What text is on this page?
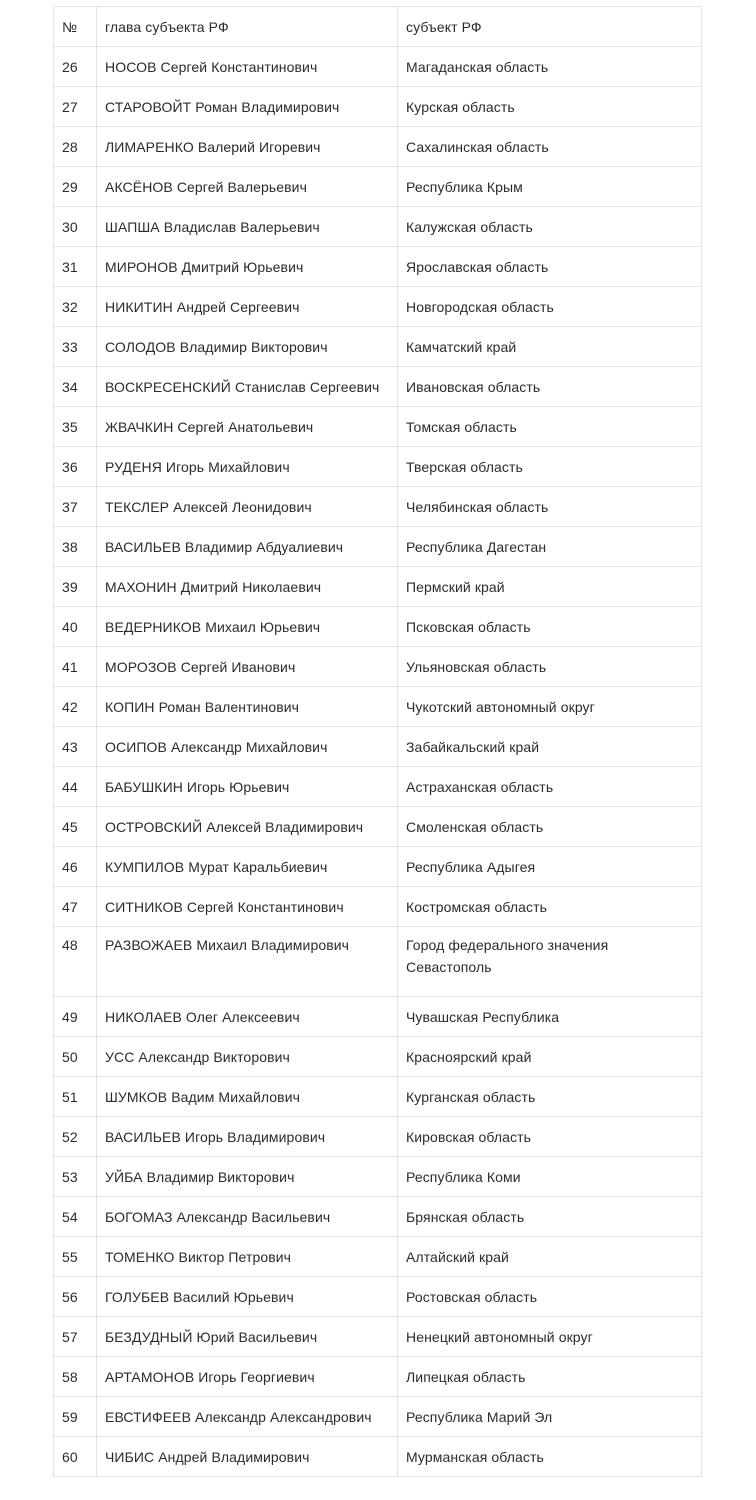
№	глава субъекта РФ	субъект РФ
26	НОСОВ Сергей Константинович	Магаданская область
27	СТАРОВОЙТ Роман Владимирович	Курская область
28	ЛИМАРЕНКО Валерий Игоревич	Сахалинская область
29	АКСЁНОВ Сергей Валерьевич	Республика Крым
30	ШАПША Владислав Валерьевич	Калужская область
31	МИРОНОВ Дмитрий Юрьевич	Ярославская область
32	НИКИТИН Андрей Сергеевич	Новгородская область
33	СОЛОДОВ Владимир Викторович	Камчатский край
34	ВОСКРЕСЕНСКИЙ Станислав Сергеевич	Ивановская область
35	ЖВАЧКИН Сергей Анатольевич	Томская область
36	РУДЕНЯ Игорь Михайлович	Тверская область
37	ТЕКСЛЕР Алексей Леонидович	Челябинская область
38	ВАСИЛЬЕВ Владимир Абдуалиевич	Республика Дагестан
39	МАХОНИН Дмитрий Николаевич	Пермский край
40	ВЕДЕРНИКОВ Михаил Юрьевич	Псковская область
41	МОРОЗОВ Сергей Иванович	Ульяновская область
42	КОПИН Роман Валентинович	Чукотский автономный округ
43	ОСИПОВ Александр Михайлович	Забайкальский край
44	БАБУШКИН Игорь Юрьевич	Астраханская область
45	ОСТРОВСКИЙ Алексей Владимирович	Смоленская область
46	КУМПИЛОВ Мурат Каральбиевич	Республика Адыгея
47	СИТНИКОВ Сергей Константинович	Костромская область
48	РАЗВОЖАЕВ Михаил Владимирович	Город федерального значения
Севастополь

49	НИКОЛАЕВ Олег Алексеевич	Чувашская Республика
50	УСС Александр Викторович	Красноярский край
51	ШУМКОВ Вадим Михайлович	Курганская область
52	ВАСИЛЬЕВ Игорь Владимирович	Кировская область
53	УЙБА Владимир Викторович	Республика Коми
54	БОГОМАЗ Александр Васильевич	Брянская область
55	ТОМЕНКО Виктор Петрович	Алтайский край
56	ГОЛУБЕВ Василий Юрьевич	Ростовская область
57	БЕЗДУДНЫЙ Юрий Васильевич	Ненецкий автономный округ
58	АРТАМОНОВ Игорь Георгиевич	Липецкая область
59	ЕВСТИФЕЕВ Александр Александрович	Республика Марий Эл
60	ЧИБИС Андрей Владимирович	Мурманская область
